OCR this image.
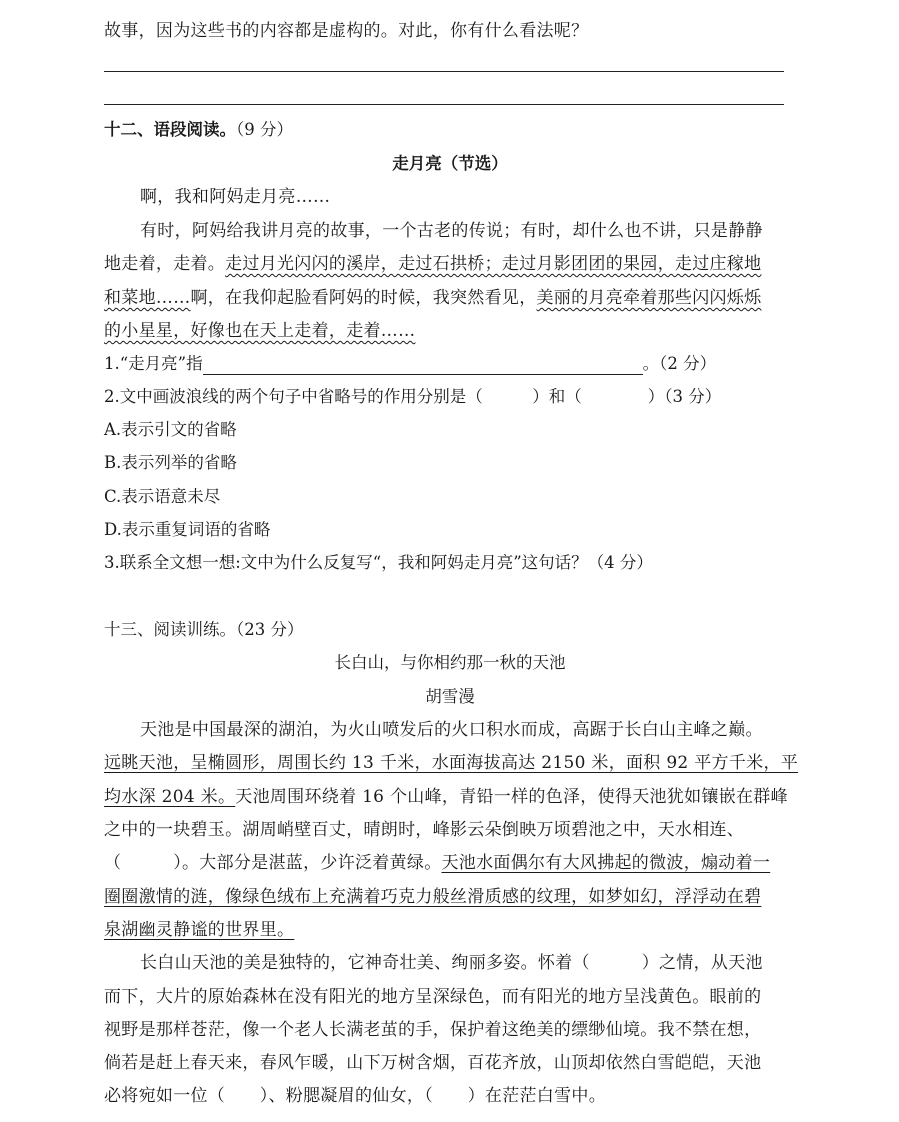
故事，因为这些书的内容都是虚构的。对此，你有什么看法呢？
十二、语段阅读。（9 分）
走月亮（节选）
啊，我和阿妈走月亮……
有时，阿妈给我讲月亮的故事，一个古老的传说；有时，却什么也不讲，只是静静
地走着，走着。走过月光闪闪的溪岸，走过石拱桥；走过月影团团的果园，走过庄稼地
和菜地……啊，在我仰起脸看阿妈的时候，我突然看见，美丽的月亮牵着那些闪闪烁烁
的小星星，好像也在天上走着，走着……
1.“走月亮”指	。（2 分）
2.文中画波浪线的两个句子中省略号的作用分别是（　　　）和（　　　　）（3 分）
A.表示引文的省略
B.表示列举的省略
C.表示语意未尽
D.表示重复词语的省略
3.联系全文想一想:文中为什么反复写“，我和阿妈走月亮”这句话？（4 分）
十三、阅读训练。（23 分）
长白山，与你相约那一秋的天池
胡雪漫
天池是中国最深的湖泊，为火山喷发后的火口积水而成，高踞于长白山主峰之巅。
远眺天池，呈椭圆形，周围长约 13 千米，水面海拔高达 2150 米，面积 92 平方千米，平
均水深 204 米。天池周围环绕着 16 个山峰，青铅一样的色泽，使得天池犹如镶嵌在群峰
之中的一块碧玉。湖周峭壁百丈，晴朗时，峰影云朵倒映万顷碧池之中，天水相连、
（　　　）。大部分是湛蓝，少许泛着黄绿。天池水面偶尔有大风拂起的微波，煽动着一
圈圈激情的涟，像绿色绒布上充满着巧克力般丝滑质感的纹理，如梦如幻，浮浮动在碧
泉湖幽灵静谧的世界里。
长白山天池的美是独特的，它神奇壮美、绚丽多姿。怀着（　　　）之情，从天池
而下，大片的原始森林在没有阳光的地方呈深绿色，而有阳光的地方呈浅黄色。眼前的
视野是那样苍茫，像一个老人长满老茧的手，保护着这绝美的缥缈仙境。我不禁在想，
倘若是赶上春天来，春风乍暖，山下万树含烟，百花齐放，山顶却依然白雪皑皑，天池
必将宛如一位（　　）、粉腮凝眉的仙女，（　　）在茫茫白雪中。
